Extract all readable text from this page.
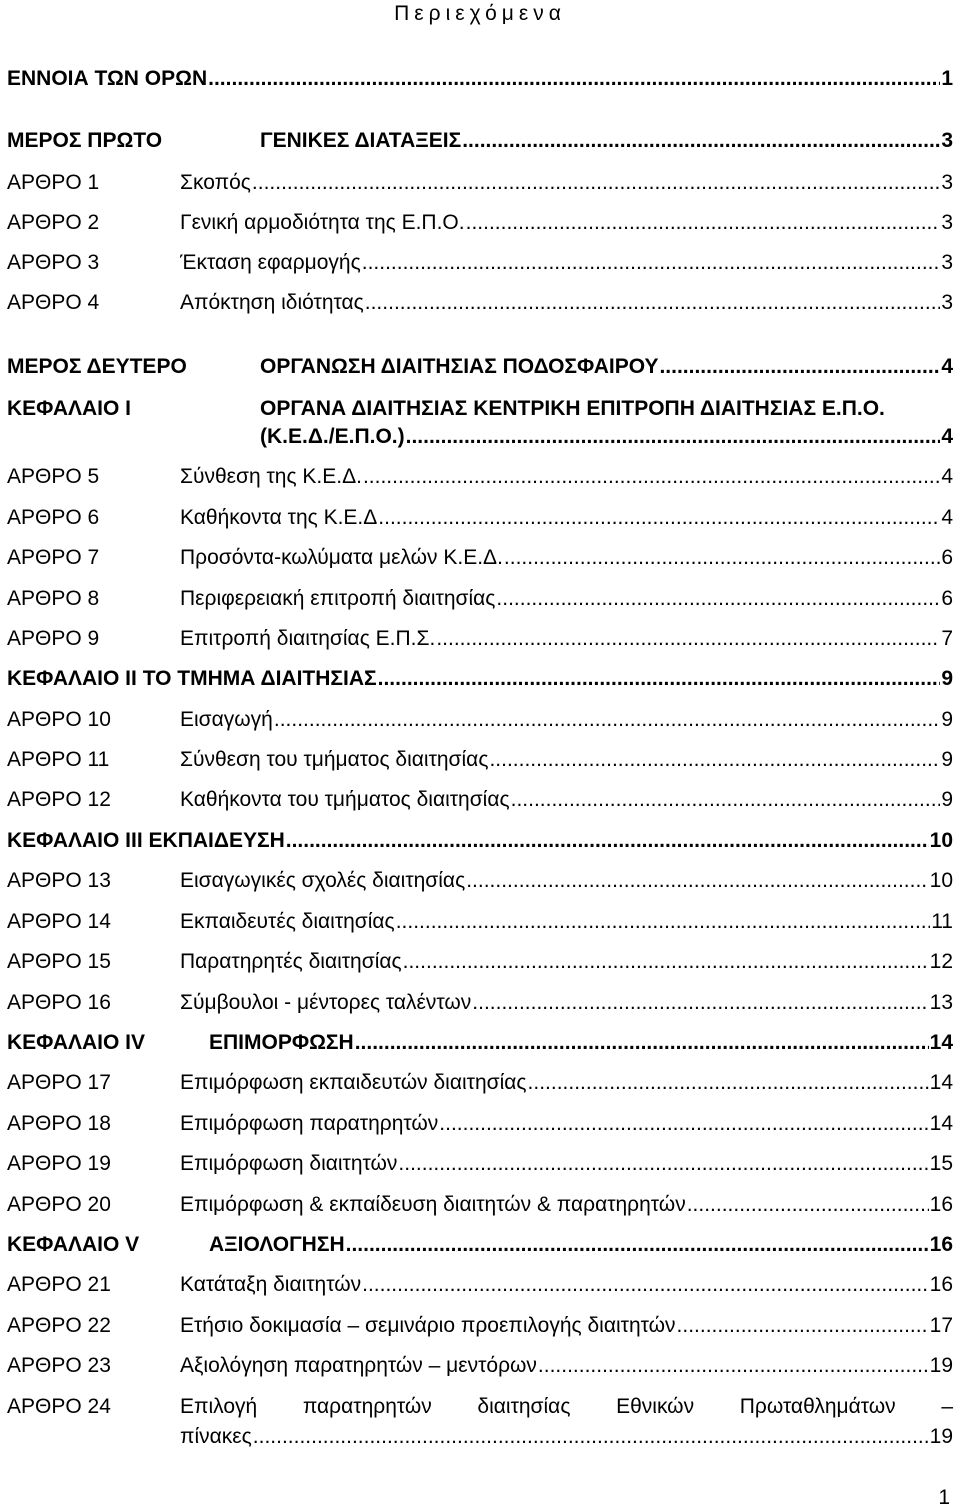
Περιεχόμενα
ΕΝΝΟΙΑ ΤΩΝ ΟΡΩΝ .....	1
ΜΕΡΟΣ ΠΡΩΤΟ	ΓΕΝΙΚΕΣ ΔΙΑΤΑΞΕΙΣ .....	3
ΑΡΘΡΟ 1	Σκοπός .....	3
ΑΡΘΡΟ 2	Γενική αρμοδιότητα της Ε.Π.Ο. .....	3
ΑΡΘΡΟ 3	Έκταση εφαρμογής .....	3
ΑΡΘΡΟ 4	Απόκτηση ιδιότητας .....	3
ΜΕΡΟΣ ΔΕΥΤΕΡΟ	ΟΡΓΑΝΩΣΗ ΔΙΑΙΤΗΣΙΑΣ ΠΟΔΟΣΦΑΙΡΟΥ .....	4
ΚΕΦΑΛΑΙΟ Ι	ΟΡΓΑΝΑ ΔΙΑΙΤΗΣΙΑΣ ΚΕΝΤΡΙΚΗ ΕΠΙΤΡΟΠΗ ΔΙΑΙΤΗΣΙΑΣ Ε.Π.Ο.
(Κ.Ε.Δ./Ε.Π.Ο.) .....	4
ΑΡΘΡΟ 5	Σύνθεση της Κ.Ε.Δ. .....	4
ΑΡΘΡΟ 6	Καθήκοντα της Κ.Ε.Δ .....	4
ΑΡΘΡΟ 7	Προσόντα-κωλύματα μελών Κ.Ε.Δ. .....	6
ΑΡΘΡΟ 8	Περιφερειακή επιτροπή διαιτησίας .....	6
ΑΡΘΡΟ 9	Επιτροπή διαιτησίας Ε.Π.Σ. .....	7
ΚΕΦΑΛΑΙΟ ΙΙ ΤΟ ΤΜΗΜΑ ΔΙΑΙΤΗΣΙΑΣ .....	9
ΑΡΘΡΟ 10	Εισαγωγή .....	9
ΑΡΘΡΟ 11	Σύνθεση του τμήματος διαιτησίας .....	9
ΑΡΘΡΟ 12	Καθήκοντα του τμήματος διαιτησίας .....	9
ΚΕΦΑΛΑΙΟ ΙΙΙ ΕΚΠΑΙΔΕΥΣΗ .....	10
ΑΡΘΡΟ 13	Εισαγωγικές σχολές διαιτησίας .....	10
ΑΡΘΡΟ 14	Εκπαιδευτές διαιτησίας .....	11
ΑΡΘΡΟ 15	Παρατηρητές διαιτησίας .....	12
ΑΡΘΡΟ 16	Σύμβουλοι - μέντορες ταλέντων .....	13
ΚΕΦΑΛΑΙΟ IV	ΕΠΙΜΟΡΦΩΣΗ .....	14
ΑΡΘΡΟ 17	Επιμόρφωση εκπαιδευτών διαιτησίας .....	14
ΑΡΘΡΟ 18	Επιμόρφωση παρατηρητών .....	14
ΑΡΘΡΟ 19	Επιμόρφωση διαιτητών .....	15
ΑΡΘΡΟ 20	Επιμόρφωση & εκπαίδευση διαιτητών & παρατηρητών .....	16
ΚΕΦΑΛΑΙΟ V	ΑΞΙΟΛΟΓΗΣΗ .....	16
ΑΡΘΡΟ 21	Κατάταξη διαιτητών .....	16
ΑΡΘΡΟ 22	Ετήσιο δοκιμασία – σεμινάριο προεπιλογής διαιτητών .....	17
ΑΡΘΡΟ 23	Αξιολόγηση παρατηρητών – μεντόρων .....	19
ΑΡΘΡΟ 24	Επιλογή παρατηρητών διαιτησίας Εθνικών Πρωταθλημάτων –
πίνακες .....	19
1
